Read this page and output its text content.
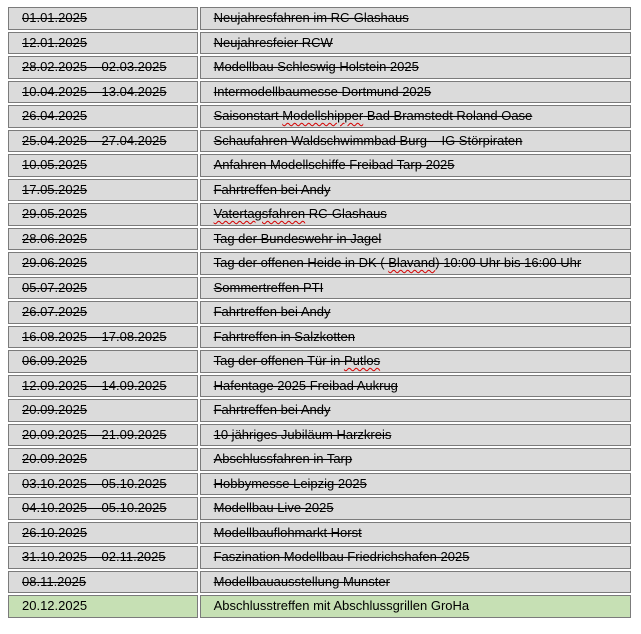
01.01.2025	Neujahresfahren im RC-Glashaus
12.01.2025	Neujahresfeier RCW
28.02.2025 – 02.03.2025	Modellbau Schleswig Holstein 2025
10.04.2025 – 13.04.2025	Intermodellbaumesse Dortmund 2025
26.04.2025	Saisonstart Modellshipper Bad Bramstedt Roland Oase
25.04.2025 – 27.04.2025	Schaufahren Waldschwimmbad Burg – IG Störpiraten
10.05.2025	Anfahren Modellschiffe Freibad Tarp 2025
17.05.2025	Fahrtreffen bei Andy
29.05.2025	Vatertagsfahren RC-Glashaus
28.06.2025	Tag der Bundeswehr in Jagel
29.06.2025	Tag der offenen Heide in DK ( Blavand) 10:00 Uhr bis 16:00 Uhr
05.07.2025	Sommertreffen PTI
26.07.2025	Fahrtreffen bei Andy
16.08.2025 – 17.08.2025	Fahrtreffen in Salzkotten
06.09.2025	Tag der offenen Tür in Putlos
12.09.2025 – 14.09.2025	Hafentage 2025 Freibad Aukrug
20.09.2025	Fahrtreffen bei Andy
20.09.2025 – 21.09.2025	10 jähriges Jubiläum Harzkreis
20.09.2025	Abschlussfahren in Tarp
03.10.2025 – 05.10.2025	Hobbymesse Leipzig 2025
04.10.2025 – 05.10.2025	Modellbau Live 2025
26.10.2025	Modellbauflohmarkt Horst
31.10.2025 – 02.11.2025	Faszination Modellbau Friedrichshafen 2025
08.11.2025	Modellbauausstellung Munster
20.12.2025	Abschlusstreffen mit Abschlussgrillen GroHa
